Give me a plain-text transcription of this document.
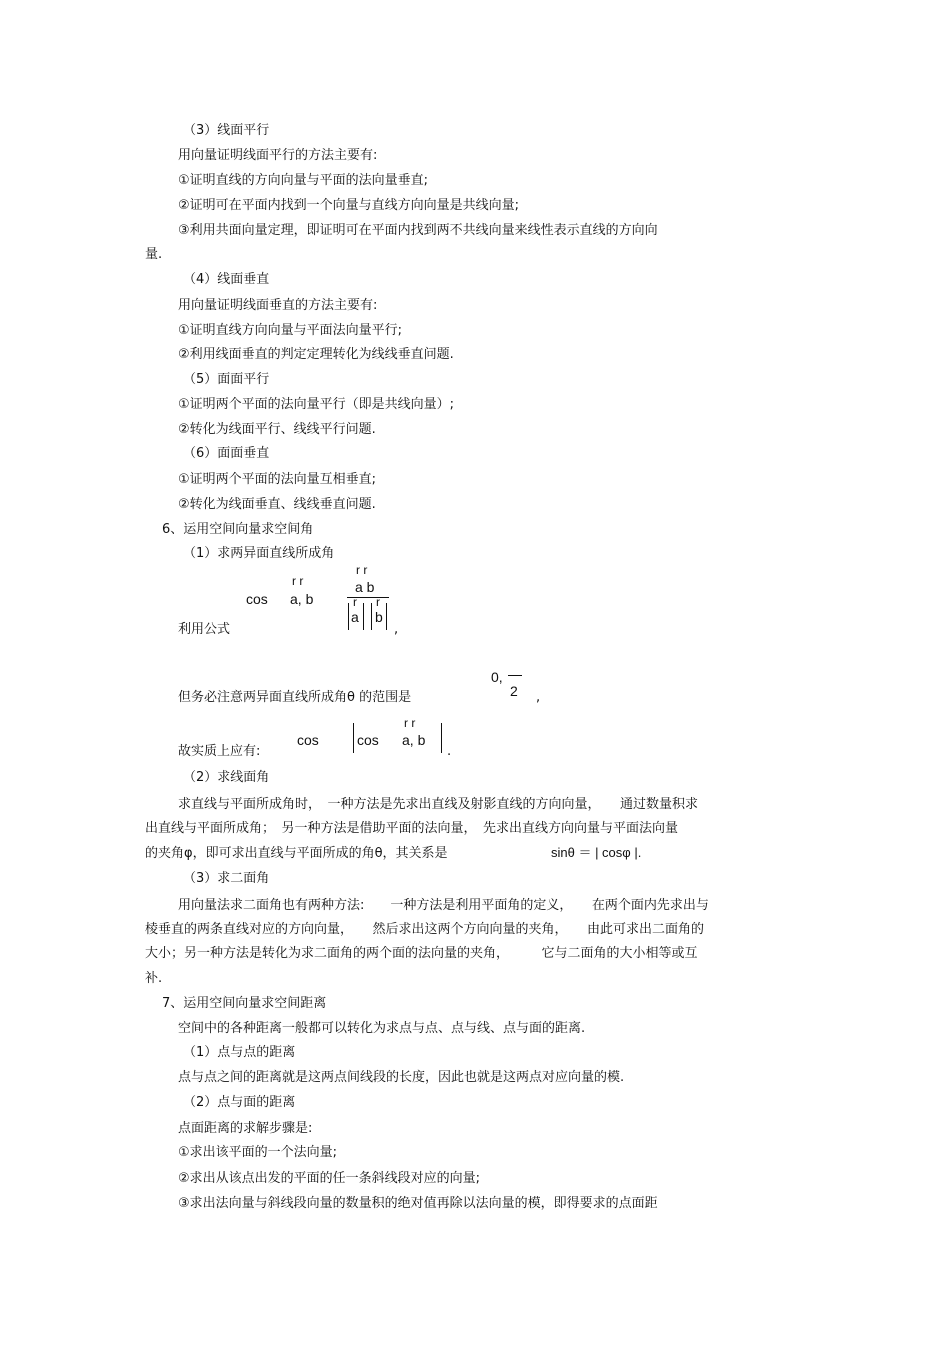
（3）线面平行
用向量证明线面平行的方法主要有:
①证明直线的方向向量与平面的法向量垂直;
②证明可在平面内找到一个向量与直线方向向量是共线向量;
③利用共面向量定理，即证明可在平面内找到两不共线向量来线性表示直线的方向向
量.
（4）线面垂直
用向量证明线面垂直的方法主要有:
①证明直线方向向量与平面法向量平行;
②利用线面垂直的判定定理转化为线线垂直问题.
（5）面面平行
①证明两个平面的法向量平行（即是共线向量）;
②转化为线面平行、线线平行问题.
（6）面面垂直
①证明两个平面的法向量互相垂直;
②转化为线面垂直、线线垂直问题.
6、运用空间向量求空间角
（1）求两异面直线所成角
r r
cos a, b
r r
a b
r r
a b
,
利用公式
0,
2 ,
但务必注意两异面直线所成角θ 的范围是
故实质上应有:
cos	cos
r r
a, b
.
（2）求线面角
求直线与平面所成角时，　一种方法是先求出直线及射影直线的方向向量，　　通过数量积求
出直线与平面所成角；　另一种方法是借助平面的法向量，　先求出直线方向向量与平面法向量
的夹角φ，即可求出直线与平面所成的角θ，其关系是	sinθ ＝ | cosφ |.
（3）求二面角
用向量法求二面角也有两种方法:　　一种方法是利用平面角的定义，　　在两个面内先求出与
棱垂直的两条直线对应的方向向量，　　然后求出这两个方向向量的夹角，　　由此可求出二面角的
大小；另一种方法是转化为求二面角的两个面的法向量的夹角，　　　它与二面角的大小相等或互
补.
7、运用空间向量求空间距离
空间中的各种距离一般都可以转化为求点与点、点与线、点与面的距离.
（1）点与点的距离
点与点之间的距离就是这两点间线段的长度，因此也就是这两点对应向量的模.
（2）点与面的距离
点面距离的求解步骤是:
①求出该平面的一个法向量;
②求出从该点出发的平面的任一条斜线段对应的向量;
③求出法向量与斜线段向量的数量积的绝对值再除以法向量的模，即得要求的点面距
